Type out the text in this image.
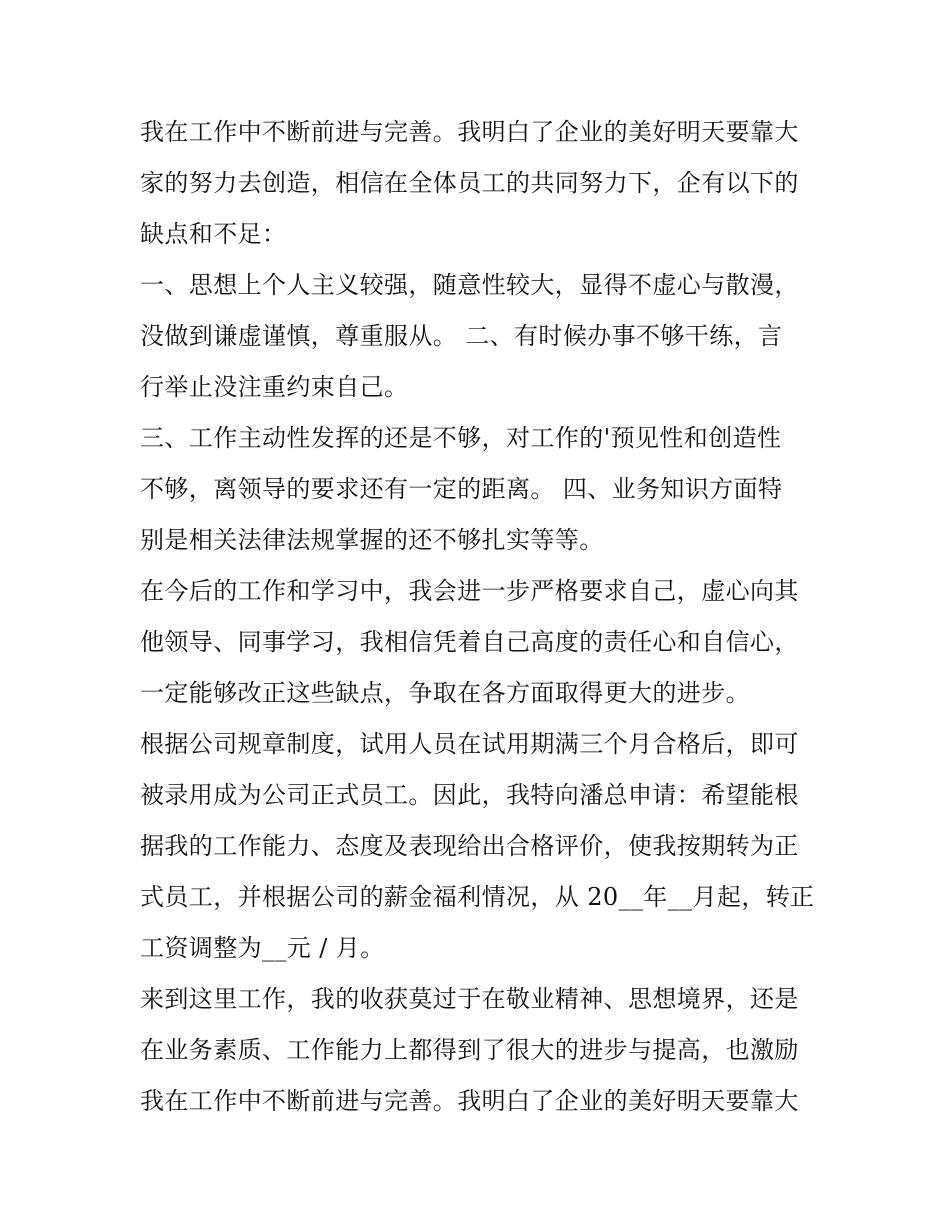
我在工作中不断前进与完善。我明白了企业的美好明天要靠大
家的努力去创造，相信在全体员工的共同努力下，企有以下的
缺点和不足：

一、思想上个人主义较强，随意性较大，显得不虚心与散漫，
没做到谦虚谨慎，尊重服从。 二、有时候办事不够干练，言
行举止没注重约束自己。

三、工作主动性发挥的还是不够，对工作的'预见性和创造性
不够，离领导的要求还有一定的距离。 四、业务知识方面特
别是相关法律法规掌握的还不够扎实等等。

在今后的工作和学习中，我会进一步严格要求自己，虚心向其
他领导、同事学习，我相信凭着自己高度的责任心和自信心，
一定能够改正这些缺点，争取在各方面取得更大的进步。

根据公司规章制度，试用人员在试用期满三个月合格后，即可
被录用成为公司正式员工。因此，我特向潘总申请：希望能根
据我的工作能力、态度及表现给出合格评价，使我按期转为正
式员工，并根据公司的薪金福利情况，从 20__年__月起，转正
工资调整为__元 / 月。

来到这里工作，我的收获莫过于在敬业精神、思想境界，还是
在业务素质、工作能力上都得到了很大的进步与提高，也激励
我在工作中不断前进与完善。我明白了企业的美好明天要靠大
